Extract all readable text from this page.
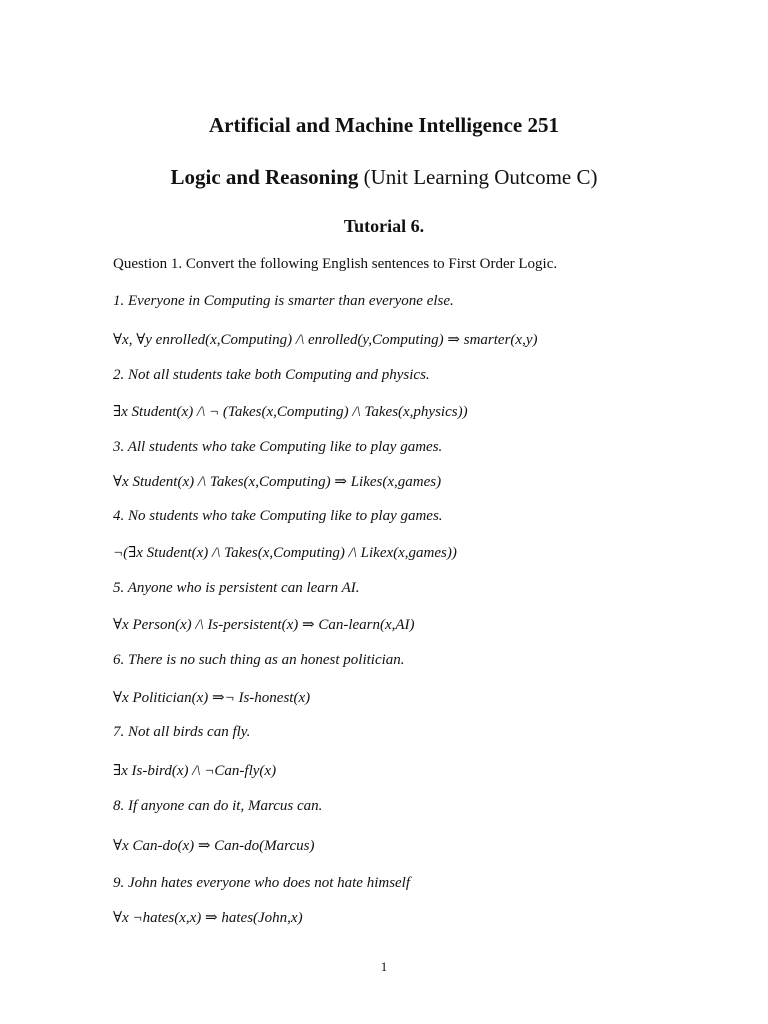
Artificial and Machine Intelligence 251
Logic and Reasoning (Unit Learning Outcome C)
Tutorial 6.

Question 1. Convert the following English sentences to First Order Logic.

1. Everyone in Computing is smarter than everyone else.

∀x, ∀y enrolled(x,Computing) /\ enrolled(y,Computing) ⇒ smarter(x,y)

2. Not all students take both Computing and physics.

∃x Student(x) /\ ¬ (Takes(x,Computing) /\ Takes(x,physics))

3. All students who take Computing like to play games.

∀x Student(x) /\ Takes(x,Computing) ⇒ Likes(x,games)

4. No students who take Computing like to play games.

¬(∃x Student(x) /\ Takes(x,Computing) /\ Likex(x,games))

5. Anyone who is persistent can learn AI.

∀x Person(x) /\ Is-persistent(x) ⇒ Can-learn(x,AI)

6. There is no such thing as an honest politician.

∀x Politician(x) ⇒¬ Is-honest(x)

7. Not all birds can fly.

∃x Is-bird(x) /\ ¬Can-fly(x)

8. If anyone can do it, Marcus can.

∀x Can-do(x) ⇒ Can-do(Marcus)

9. John hates everyone who does not hate himself

∀x ¬hates(x,x) ⇒ hates(John,x)

1
